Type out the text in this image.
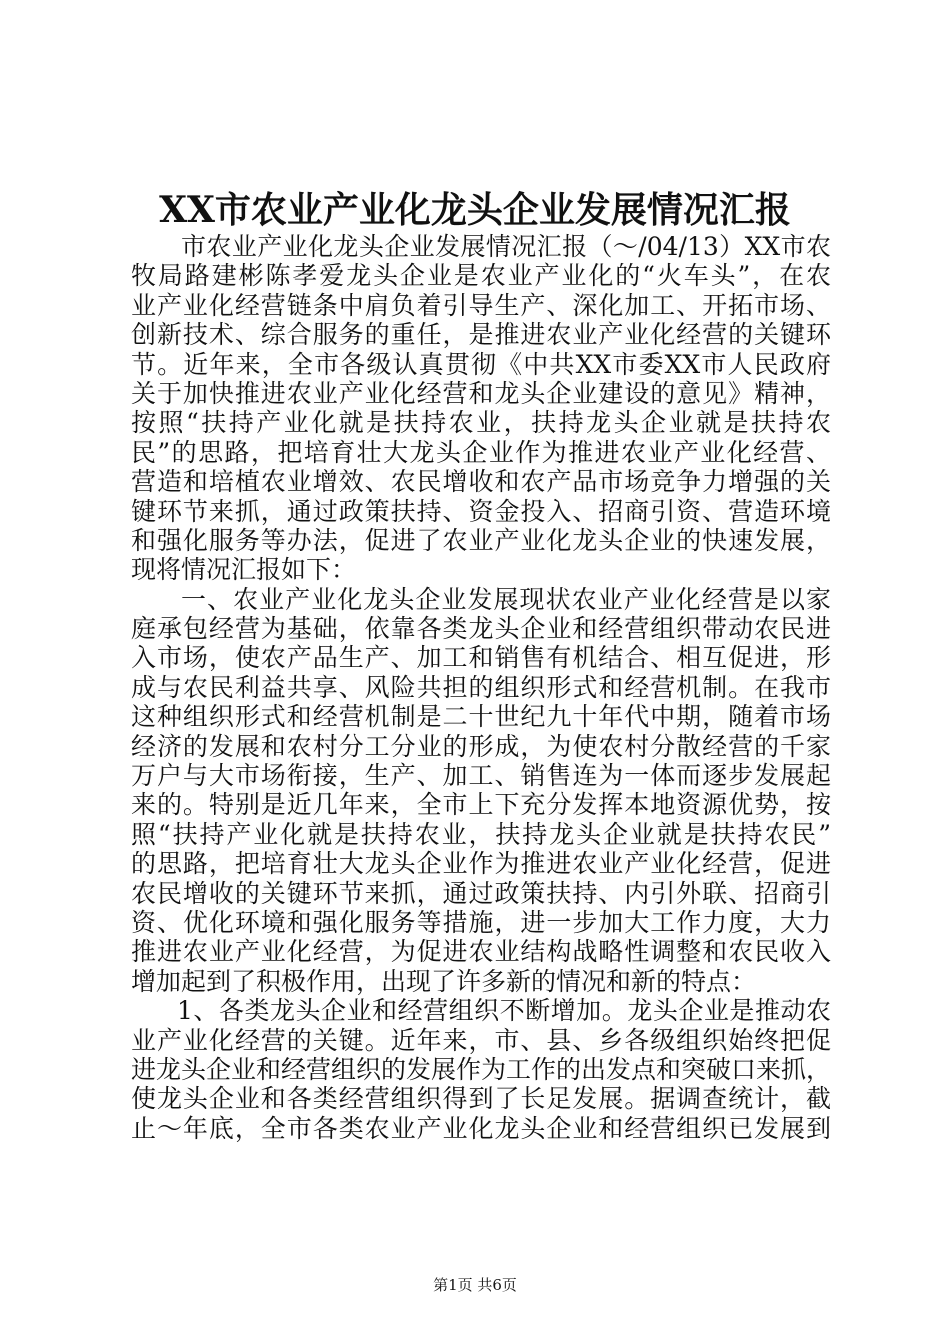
XX市农业产业化龙头企业发展情况汇报
市农业产业化龙头企业发展情况汇报（～/04/13）XX市农
牧局路建彬陈孝爱龙头企业是农业产业化的“火车头”，在农
业产业化经营链条中肩负着引导生产、深化加工、开拓市场、
创新技术、综合服务的重任，是推进农业产业化经营的关键环
节。近年来，全市各级认真贯彻《中共XX市委XX市人民政府
关于加快推进农业产业化经营和龙头企业建设的意见》精神，
按照“扶持产业化就是扶持农业，扶持龙头企业就是扶持农
民”的思路，把培育壮大龙头企业作为推进农业产业化经营、
营造和培植农业增效、农民增收和农产品市场竞争力增强的关
键环节来抓，通过政策扶持、资金投入、招商引资、营造环境
和强化服务等办法，促进了农业产业化龙头企业的快速发展，
现将情况汇报如下：
一、农业产业化龙头企业发展现状农业产业化经营是以家
庭承包经营为基础，依靠各类龙头企业和经营组织带动农民进
入市场，使农产品生产、加工和销售有机结合、相互促进，形
成与农民利益共享、风险共担的组织形式和经营机制。在我市
这种组织形式和经营机制是二十世纪九十年代中期，随着市场
经济的发展和农村分工分业的形成，为使农村分散经营的千家
万户与大市场衔接，生产、加工、销售连为一体而逐步发展起
来的。特别是近几年来，全市上下充分发挥本地资源优势，按
照“扶持产业化就是扶持农业，扶持龙头企业就是扶持农民”
的思路，把培育壮大龙头企业作为推进农业产业化经营，促进
农民增收的关键环节来抓，通过政策扶持、内引外联、招商引
资、优化环境和强化服务等措施，进一步加大工作力度，大力
推进农业产业化经营，为促进农业结构战略性调整和农民收入
增加起到了积极作用，出现了许多新的情况和新的特点：
1、各类龙头企业和经营组织不断增加。龙头企业是推动农
业产业化经营的关键。近年来，市、县、乡各级组织始终把促
进龙头企业和经营组织的发展作为工作的出发点和突破口来抓，
使龙头企业和各类经营组织得到了长足发展。据调查统计，截
止～年底，全市各类农业产业化龙头企业和经营组织已发展到
第1页 共6页
